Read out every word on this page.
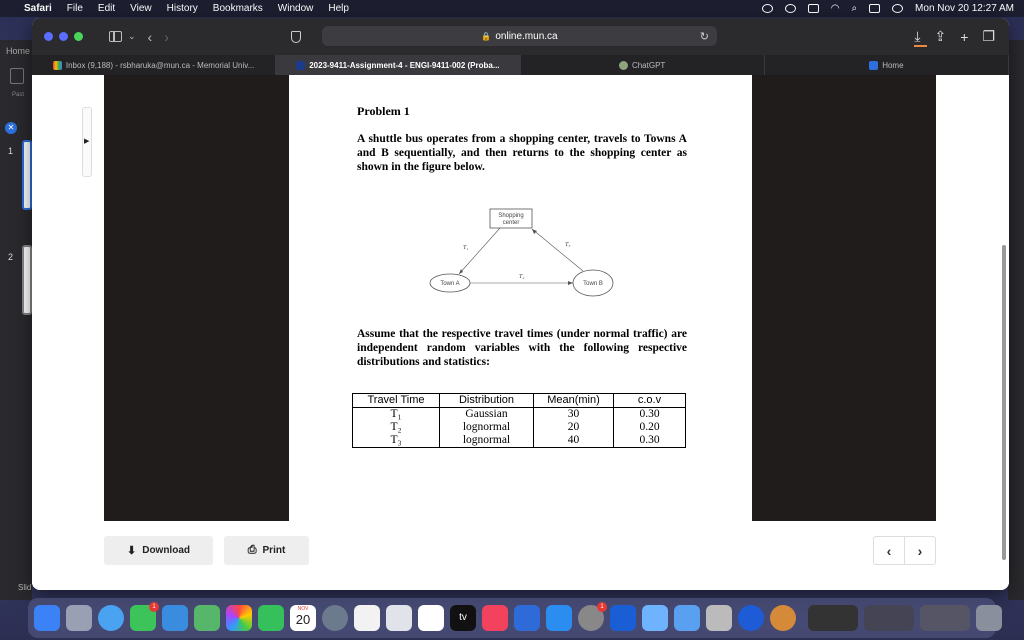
Home
Past
✕
1
2
Slid
Safari File Edit View History Bookmarks Window Help	◠ ⌕	Mon Nov 20 12:27 AM
⌄ ‹ ›	🔒 online.mun.ca	↻	⤓ ⇪ + ❐
Inbox (9,188) - rsbharuka@mun.ca - Memorial Univ...	2023-9411-Assignment-4 - ENGI-9411-002 (Proba...	ChatGPT	Home
▶
Problem 1
A shuttle bus operates from a shopping center, travels to Towns A and B sequentially, and then returns to the shopping center as shown in the figure below.
Shopping
center
Town A	Town B
T₁
T₂
T₃
Assume that the respective travel times (under normal traffic) are independent random variables with the following respective distributions and statistics:
Travel Time	Distribution	Mean(min)	c.o.v
T₁	Gaussian	30	0.30
T₂	lognormal	20	0.20
T₃	lognormal	40	0.30
⬇ Download	⎙ Print	‹ ›
1
NOV 20	tv
1
